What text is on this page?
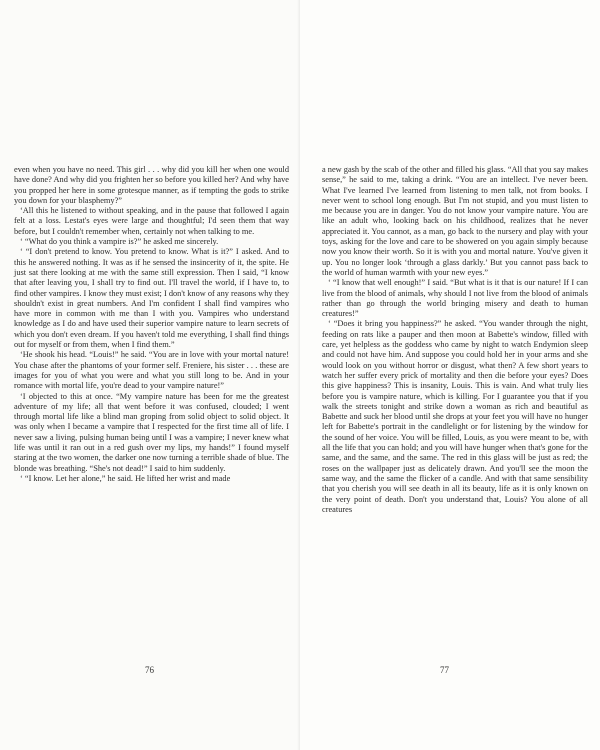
even when you have no need. This girl . . . why did you kill her when one would have done? And why did you frighten her so before you killed her? And why have you propped her here in some grotesque manner, as if tempting the gods to strike you down for your blasphemy?”

‘All this he listened to without speaking, and in the pause that followed I again felt at a loss. Lestat's eyes were large and thoughtful; I'd seen them that way before, but I couldn't remember when, certainly not when talking to me.

‘ “What do you think a vampire is?” he asked me sincerely.

‘ “I don't pretend to know. You pretend to know. What is it?” I asked. And to this he answered nothing. It was as if he sensed the insincerity of it, the spite. He just sat there looking at me with the same still expression. Then I said, “I know that after leaving you, I shall try to find out. I'll travel the world, if I have to, to find other vampires. I know they must exist; I don't know of any reasons why they shouldn't exist in great numbers. And I'm confident I shall find vampires who have more in common with me than I with you. Vampires who understand knowledge as I do and have used their superior vampire nature to learn secrets of which you don't even dream. If you haven't told me everything, I shall find things out for myself or from them, when I find them.”

‘He shook his head. “Louis!” he said. “You are in love with your mortal nature! You chase after the phantoms of your former self. Freniere, his sister . . . these are images for you of what you were and what you still long to be. And in your romance with mortal life, you're dead to your vampire nature!”

‘I objected to this at once. “My vampire nature has been for me the greatest adventure of my life; all that went before it was confused, clouded; I went through mortal life like a blind man groping from solid object to solid object. It was only when I became a vampire that I respected for the first time all of life. I never saw a living, pulsing human being until I was a vampire; I never knew what life was until it ran out in a red gush over my lips, my hands!” I found myself staring at the two women, the darker one now turning a terrible shade of blue. The blonde was breathing. “She's not dead!” I said to him suddenly.

‘ “I know. Let her alone,” he said. He lifted her wrist and made

76

a new gash by the scab of the other and filled his glass. “All that you say makes sense,” he said to me, taking a drink. “You are an intellect. I've never been. What I've learned I've learned from listening to men talk, not from books. I never went to school long enough. But I'm not stupid, and you must listen to me because you are in danger. You do not know your vampire nature. You are like an adult who, looking back on his childhood, realizes that he never appreciated it. You cannot, as a man, go back to the nursery and play with your toys, asking for the love and care to be showered on you again simply because now you know their worth. So it is with you and mortal nature. You've given it up. You no longer look ‘through a glass darkly.’ But you cannot pass back to the world of human warmth with your new eyes.”

‘ “I know that well enough!” I said. “But what is it that is our nature! If I can live from the blood of animals, why should I not live from the blood of animals rather than go through the world bringing misery and death to human creatures!”

‘ “Does it bring you happiness?” he asked. “You wander through the night, feeding on rats like a pauper and then moon at Babette's window, filled with care, yet helpless as the goddess who came by night to watch Endymion sleep and could not have him. And suppose you could hold her in your arms and she would look on you without horror or disgust, what then? A few short years to watch her suffer every prick of mortality and then die before your eyes? Does this give happiness? This is insanity, Louis. This is vain. And what truly lies before you is vampire nature, which is killing. For I guarantee you that if you walk the streets tonight and strike down a woman as rich and beautiful as Babette and suck her blood until she drops at your feet you will have no hunger left for Babette's portrait in the candlelight or for listening by the window for the sound of her voice. You will be filled, Louis, as you were meant to be, with all the life that you can hold; and you will have hunger when that's gone for the same, and the same, and the same. The red in this glass will be just as red; the roses on the wallpaper just as delicately drawn. And you'll see the moon the same way, and the same the flicker of a candle. And with that same sensibility that you cherish you will see death in all its beauty, life as it is only known on the very point of death. Don't you understand that, Louis? You alone of all creatures

77
